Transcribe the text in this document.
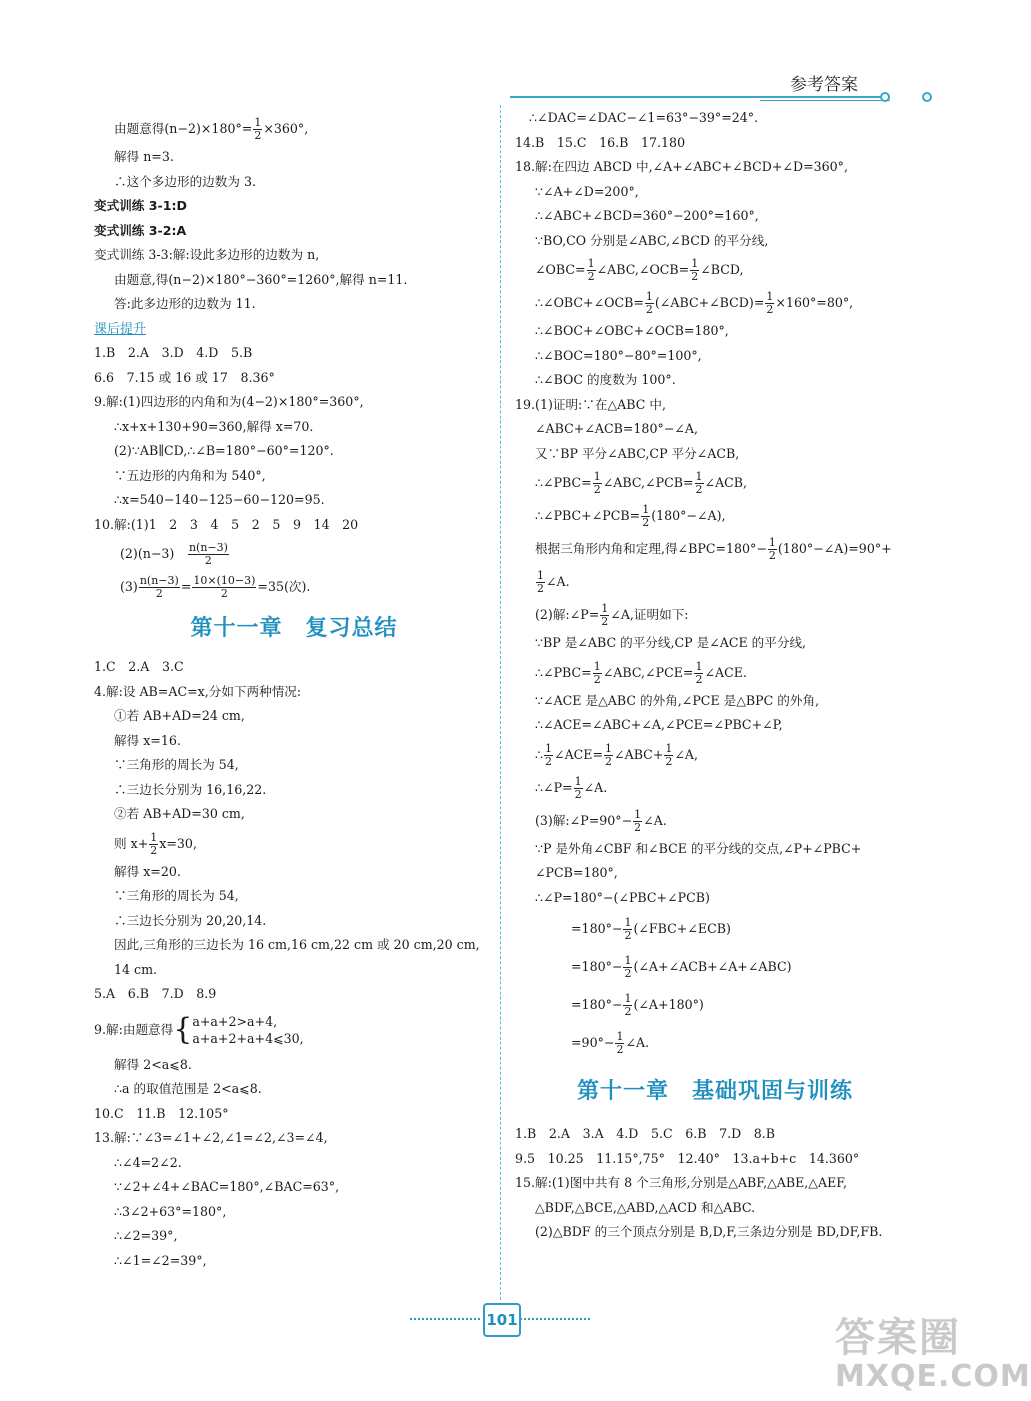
参考答案
由题意得$(n-2)\times 180^\circ= \frac{1}{2} \times 360^\circ$,
解得 n=3.
∴这个多边形的边数为 3.
变式训练 3-1:D
变式训练 3-2:A
变式训练 3-3:解:设此多边形的边数为 n,
由题意,得(n−2)×180°−360°=1260°,解得 n=11.
答:此多边形的边数为 11.
课后提升
1.B　2.A　3.D　4.D　5.B
6.6　7.15 或 16 或 17　8.36°
9.解:(1)四边形的内角和为(4−2)×180°=360°,
∴x+x+130+90=360,解得 x=70.
(2)∵AB∥CD,∴∠B=180°−60°=120°.
∵五边形的内角和为 540°,
∴x=540−140−125−60−120=95.
10.解:(1)1　2　3　4　5　2　5　9　14　20
(2)(n−3)　 $\frac{n(n-3)}{2}$
$(3) \frac{n(n-3)}{2} = \frac{10\times(10-3)}{2} =35$(次).
第十一章　复习总结
1.C　2.A　3.C
4.解:设 AB=AC=x,分如下两种情况:
①若 AB+AD=24 cm,
解得 x=16.
∵三角形的周长为 54,
∴三边长分别为 16,16,22.
②若 AB+AD=30 cm,
则 $x+ \frac{1}{2} x=30$,
解得 x=20.
∵三角形的周长为 54,
∴三边长分别为 20,20,14.
因此,三角形的三边长为 16 cm,16 cm,22 cm 或 20 cm,20 cm,
14 cm.
5.A　6.B　7.D　8.9
9.解:由题意得{ a+a+2>a+4,
a+a+2+a+4⩽30,
解得 2<a⩽8.
∴a 的取值范围是 2<a⩽8.
10.C　11.B　12.105°
13.解:∵∠3=∠1+∠2,∠1=∠2,∠3=∠4,
∴∠4=2∠2.
∵∠2+∠4+∠BAC=180°,∠BAC=63°,
∴3∠2+63°=180°,
∴∠2=39°,
∴∠1=∠2=39°,
∴∠DAC=∠DAC−∠1=63°−39°=24°.
14.B　15.C　16.B　17.180
18.解:在四边 ABCD 中,∠A+∠ABC+∠BCD+∠D=360°,
∵∠A+∠D=200°,
∴∠ABC+∠BCD=360°−200°=160°,
∵BO,CO 分别是∠ABC,∠BCD 的平分线,
∠OBC= $\frac{1}{2}$ ∠ABC,∠OCB= $\frac{1}{2}$ ∠BCD,
∴∠OBC+∠OCB= $\frac{1}{2}$ (∠ABC+∠BCD)= $\frac{1}{2} \times 160^\circ=80^\circ$,
∴∠BOC+∠OBC+∠OCB=180°,
∴∠BOC=180°−80°=100°,
∴∠BOC 的度数为 100°.
19.(1)证明:∵在△ABC 中,
∠ABC+∠ACB=180°−∠A,
又∵BP 平分∠ABC,CP 平分∠ACB,
∴∠PBC= $\frac{1}{2}$ ∠ABC,∠PCB= $\frac{1}{2}$ ∠ACB,
∴∠PBC+∠PCB= $\frac{1}{2}$ (180°−∠A),
根据三角形内角和定理,得∠BPC=180°− $\frac{1}{2}$ (180°−∠A)=90°+
$\frac{1}{2}$ ∠A.
(2)解:∠P= $\frac{1}{2}$ ∠A,证明如下:
∵BP 是∠ABC 的平分线,CP 是∠ACE 的平分线,
∴∠PBC= $\frac{1}{2}$ ∠ABC,∠PCE= $\frac{1}{2}$ ∠ACE.
∵∠ACE 是△ABC 的外角,∠PCE 是△BPC 的外角,
∴∠ACE=∠ABC+∠A,∠PCE=∠PBC+∠P,
∴ $\frac{1}{2}$ ∠ACE= $\frac{1}{2}$ ∠ABC+ $\frac{1}{2}$ ∠A,
∴∠P= $\frac{1}{2}$ ∠A.
(3)解:∠P=90°− $\frac{1}{2}$ ∠A.
∵P 是外角∠CBF 和∠BCE 的平分线的交点,∠P+∠PBC+
∠PCB=180°,
∴∠P=180°−(∠PBC+∠PCB)
$=180^\circ- \frac{1}{2}$ (∠FBC+∠ECB)
$=180^\circ- \frac{1}{2}$ (∠A+∠ACB+∠A+∠ABC)
$=180^\circ- \frac{1}{2}$ (∠A+180°)
$=90^\circ- \frac{1}{2}$ ∠A.
第十一章　基础巩固与训练
1.B　2.A　3.A　4.D　5.C　6.B　7.D　8.B
9.5　10.25　11.15°,75°　12.40°　13.a+b+c　14.360°
15.解:(1)图中共有 8 个三角形,分别是△ABF,△ABE,△AEF,
△BDF,△BCE,△ABD,△ACD 和△ABC.
(2)△BDF 的三个顶点分别是 B,D,F,三条边分别是 BD,DF,FB.
101	答案圈
MXQE.COM
